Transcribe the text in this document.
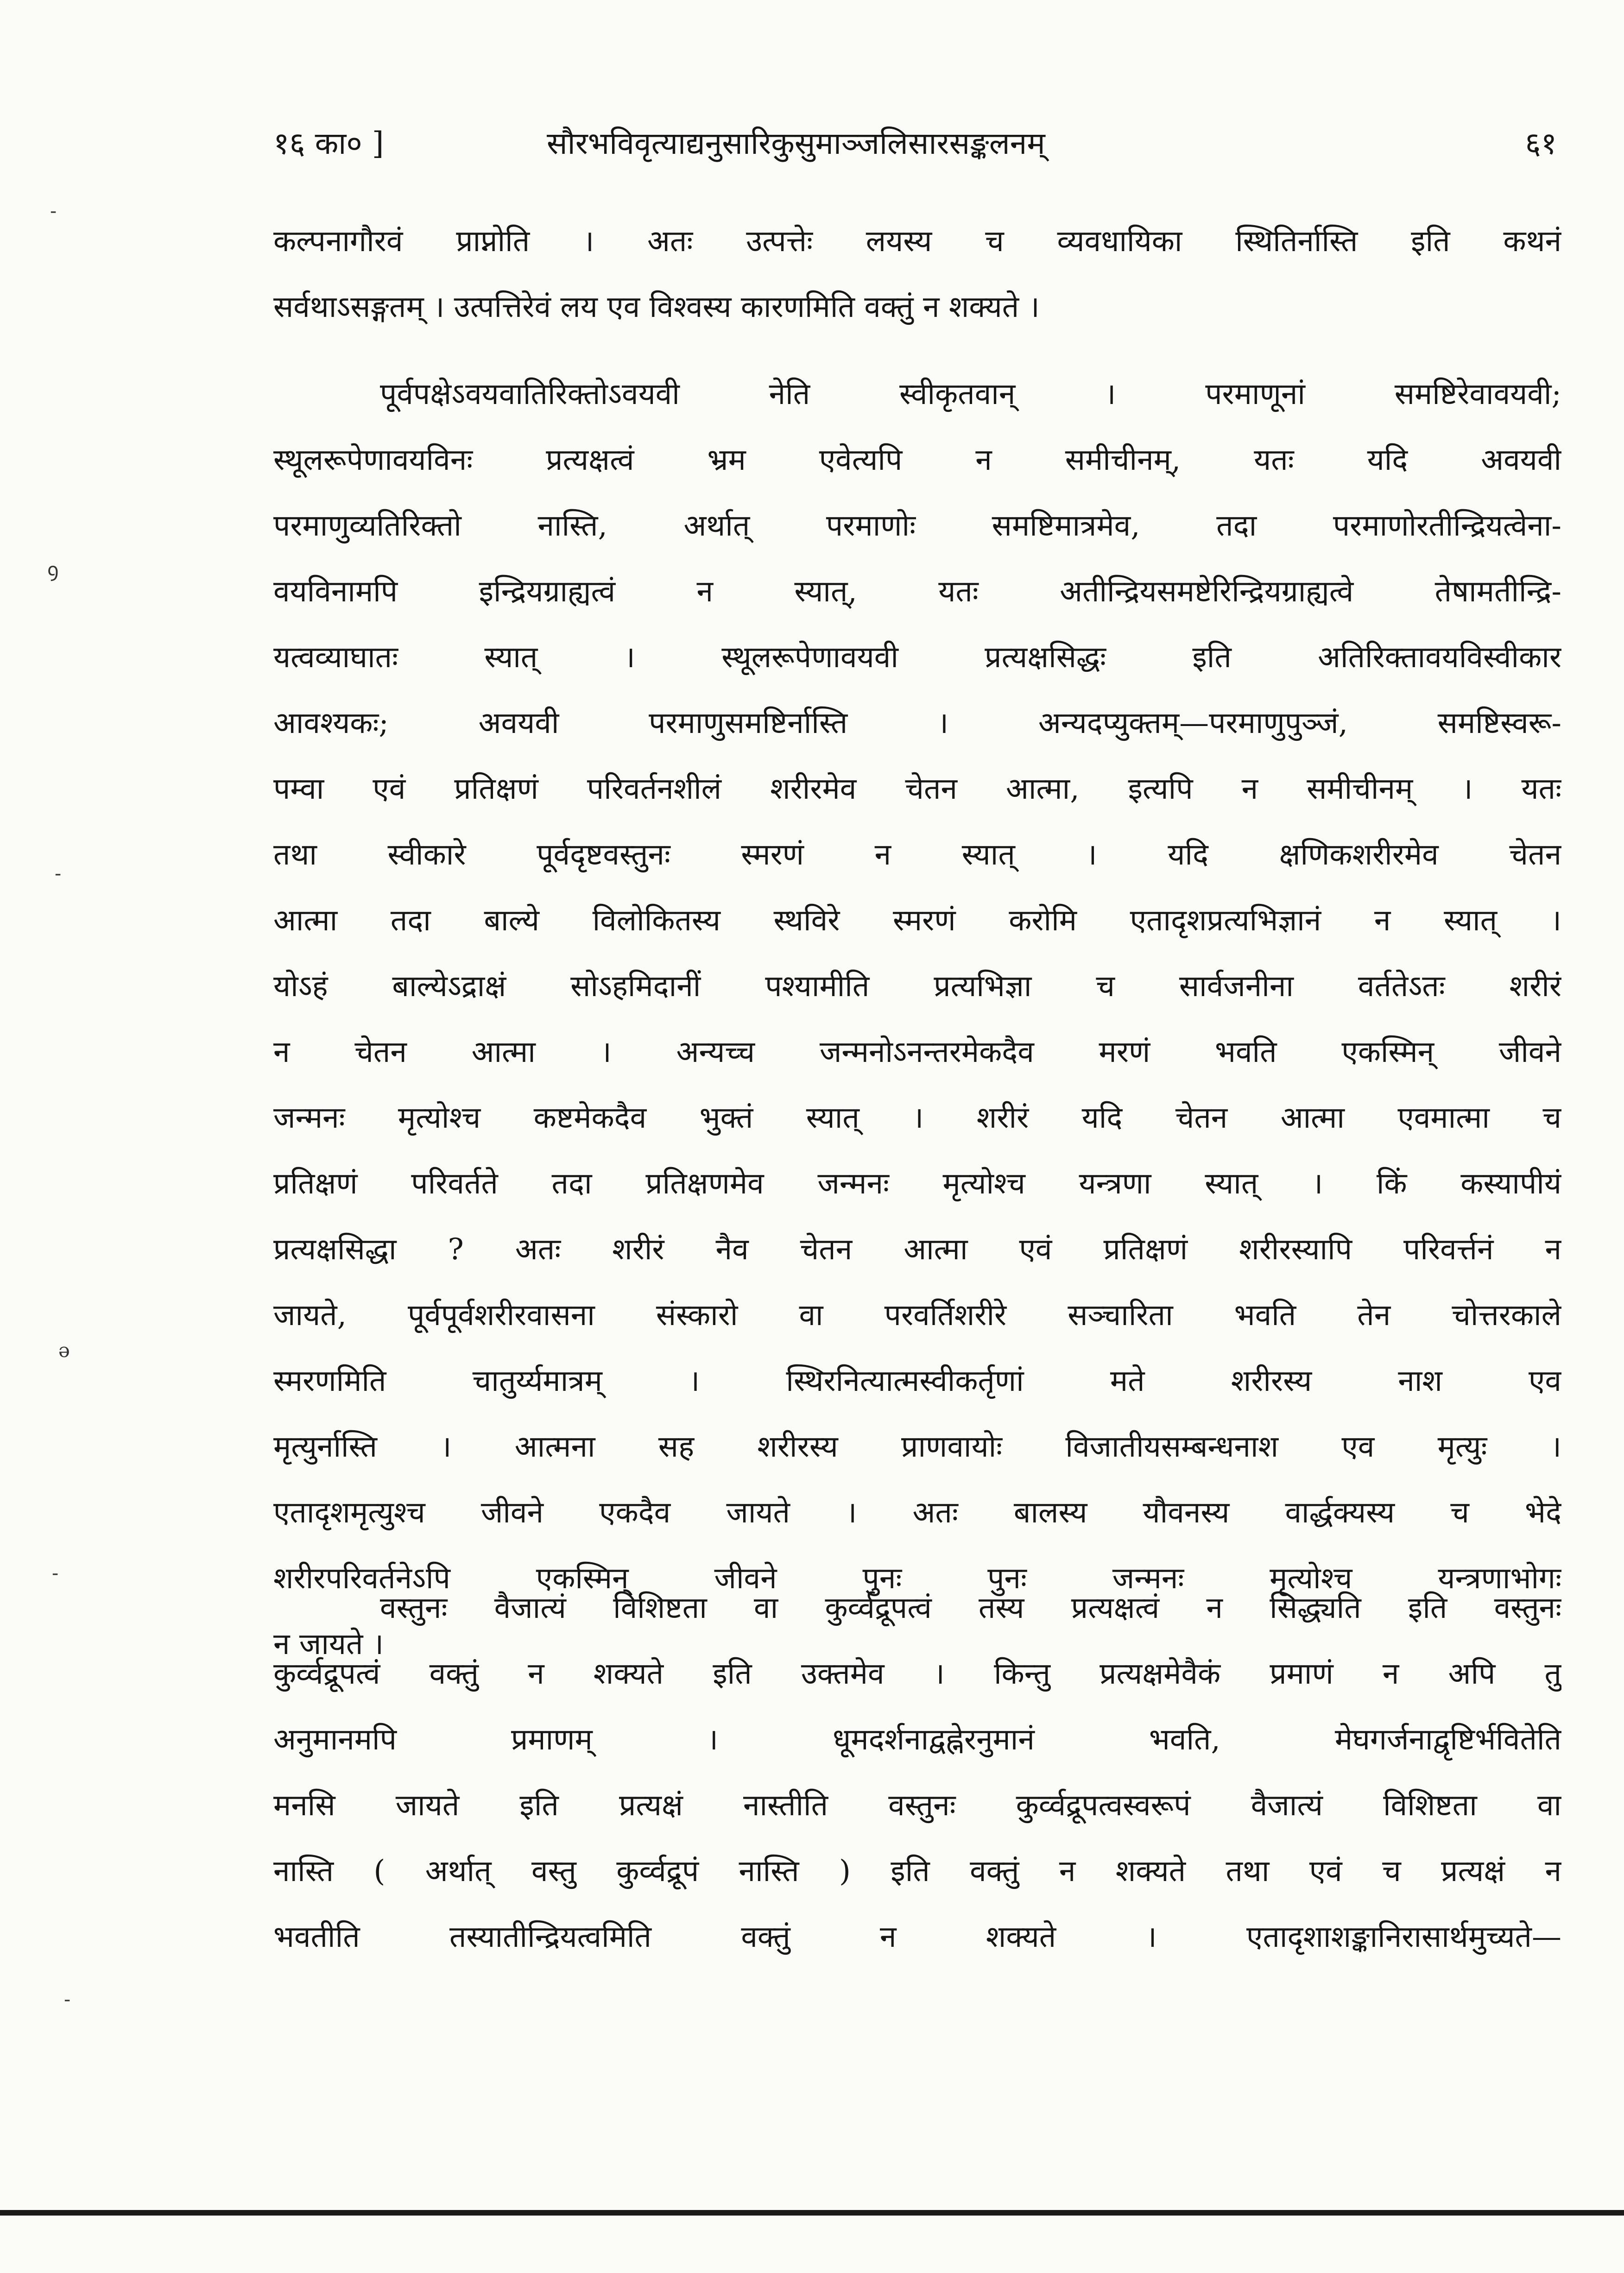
१६ का० ]	सौरभविवृत्याद्यनुसारिकुसुमाञ्जलिसारसङ्कलनम्	६१
-
ꝯ
-
ǝ
-
-
कल्पनागौरवं प्राप्नोति । अतः उत्पत्तेः लयस्य च व्यवधायिका स्थितिर्नास्ति इति कथनं
सर्वथाऽसङ्गतम् । उत्पत्तिरेवं लय एव विश्वस्य कारणमिति वक्तुं न शक्यते ।
पूर्वपक्षेऽवयवातिरिक्तोऽवयवी नेति स्वीकृतवान् । परमाणूनां समष्टिरेवावयवी;
स्थूलरूपेणावयविनः प्रत्यक्षत्वं भ्रम एवेत्यपि न समीचीनम्, यतः यदि अवयवी
परमाणुव्यतिरिक्तो नास्ति, अर्थात् परमाणोः समष्टिमात्रमेव, तदा परमाणोरतीन्द्रियत्वेना-
वयविनामपि इन्द्रियग्राह्यत्वं न स्यात्, यतः अतीन्द्रियसमष्टेरिन्द्रियग्राह्यत्वे तेषामतीन्द्रि-
यत्वव्याघातः स्यात् । स्थूलरूपेणावयवी प्रत्यक्षसिद्धः इति अतिरिक्तावयविस्वीकार
आवश्यकः; अवयवी परमाणुसमष्टिर्नास्ति । अन्यदप्युक्तम्—परमाणुपुञ्जं, समष्टिस्वरू-
पम्वा एवं प्रतिक्षणं परिवर्तनशीलं शरीरमेव चेतन आत्मा, इत्यपि न समीचीनम् । यतः
तथा स्वीकारे पूर्वदृष्टवस्तुनः स्मरणं न स्यात् । यदि क्षणिकशरीरमेव चेतन
आत्मा तदा बाल्ये विलोकितस्य स्थविरे स्मरणं करोमि एतादृशप्रत्यभिज्ञानं न स्यात् ।
योऽहं बाल्येऽद्राक्षं सोऽहमिदानीं पश्यामीति प्रत्यभिज्ञा च सार्वजनीना वर्ततेऽतः शरीरं
न चेतन आत्मा । अन्यच्च जन्मनोऽनन्तरमेकदैव मरणं भवति एकस्मिन् जीवने
जन्मनः मृत्योश्च कष्टमेकदैव भुक्तं स्यात् । शरीरं यदि चेतन आत्मा एवमात्मा च
प्रतिक्षणं परिवर्तते तदा प्रतिक्षणमेव जन्मनः मृत्योश्च यन्त्रणा स्यात् । किं कस्यापीयं
प्रत्यक्षसिद्धा ? अतः शरीरं नैव चेतन आत्मा एवं प्रतिक्षणं शरीरस्यापि परिवर्त्तनं न
जायते, पूर्वपूर्वशरीरवासना संस्कारो वा परवर्तिशरीरे सञ्चारिता भवति तेन चोत्तरकाले
स्मरणमिति चातुर्य्यमात्रम् । स्थिरनित्यात्मस्वीकर्तृणां मते शरीरस्य नाश एव
मृत्युर्नास्ति । आत्मना सह शरीरस्य प्राणवायोः विजातीयसम्बन्धनाश एव मृत्युः ।
एतादृशमृत्युश्च जीवने एकदैव जायते । अतः बालस्य यौवनस्य वार्द्धक्यस्य च भेदे
शरीरपरिवर्तनेऽपि एकस्मिन् जीवने पुनः पुनः जन्मनः मृत्योश्च यन्त्रणाभोगः
न जायते ।
वस्तुनः वैजात्यं विशिष्टता वा कुर्व्वद्रूपत्वं तस्य प्रत्यक्षत्वं न सिद्ध्यति इति वस्तुनः
कुर्व्वद्रूपत्वं वक्तुं न शक्यते इति उक्तमेव । किन्तु प्रत्यक्षमेवैकं प्रमाणं न अपि तु
अनुमानमपि प्रमाणम् । धूमदर्शनाद्वह्नेरनुमानं भवति, मेघगर्जनाद्वृष्टिर्भवितेति
मनसि जायते इति प्रत्यक्षं नास्तीति वस्तुनः कुर्व्वद्रूपत्वस्वरूपं वैजात्यं विशिष्टता वा
नास्ति ( अर्थात् वस्तु कुर्व्वद्रूपं नास्ति ) इति वक्तुं न शक्यते तथा एवं च प्रत्यक्षं न
भवतीति तस्यातीन्द्रियत्वमिति वक्तुं न शक्यते । एतादृशाशङ्कानिरासार्थमुच्यते—
